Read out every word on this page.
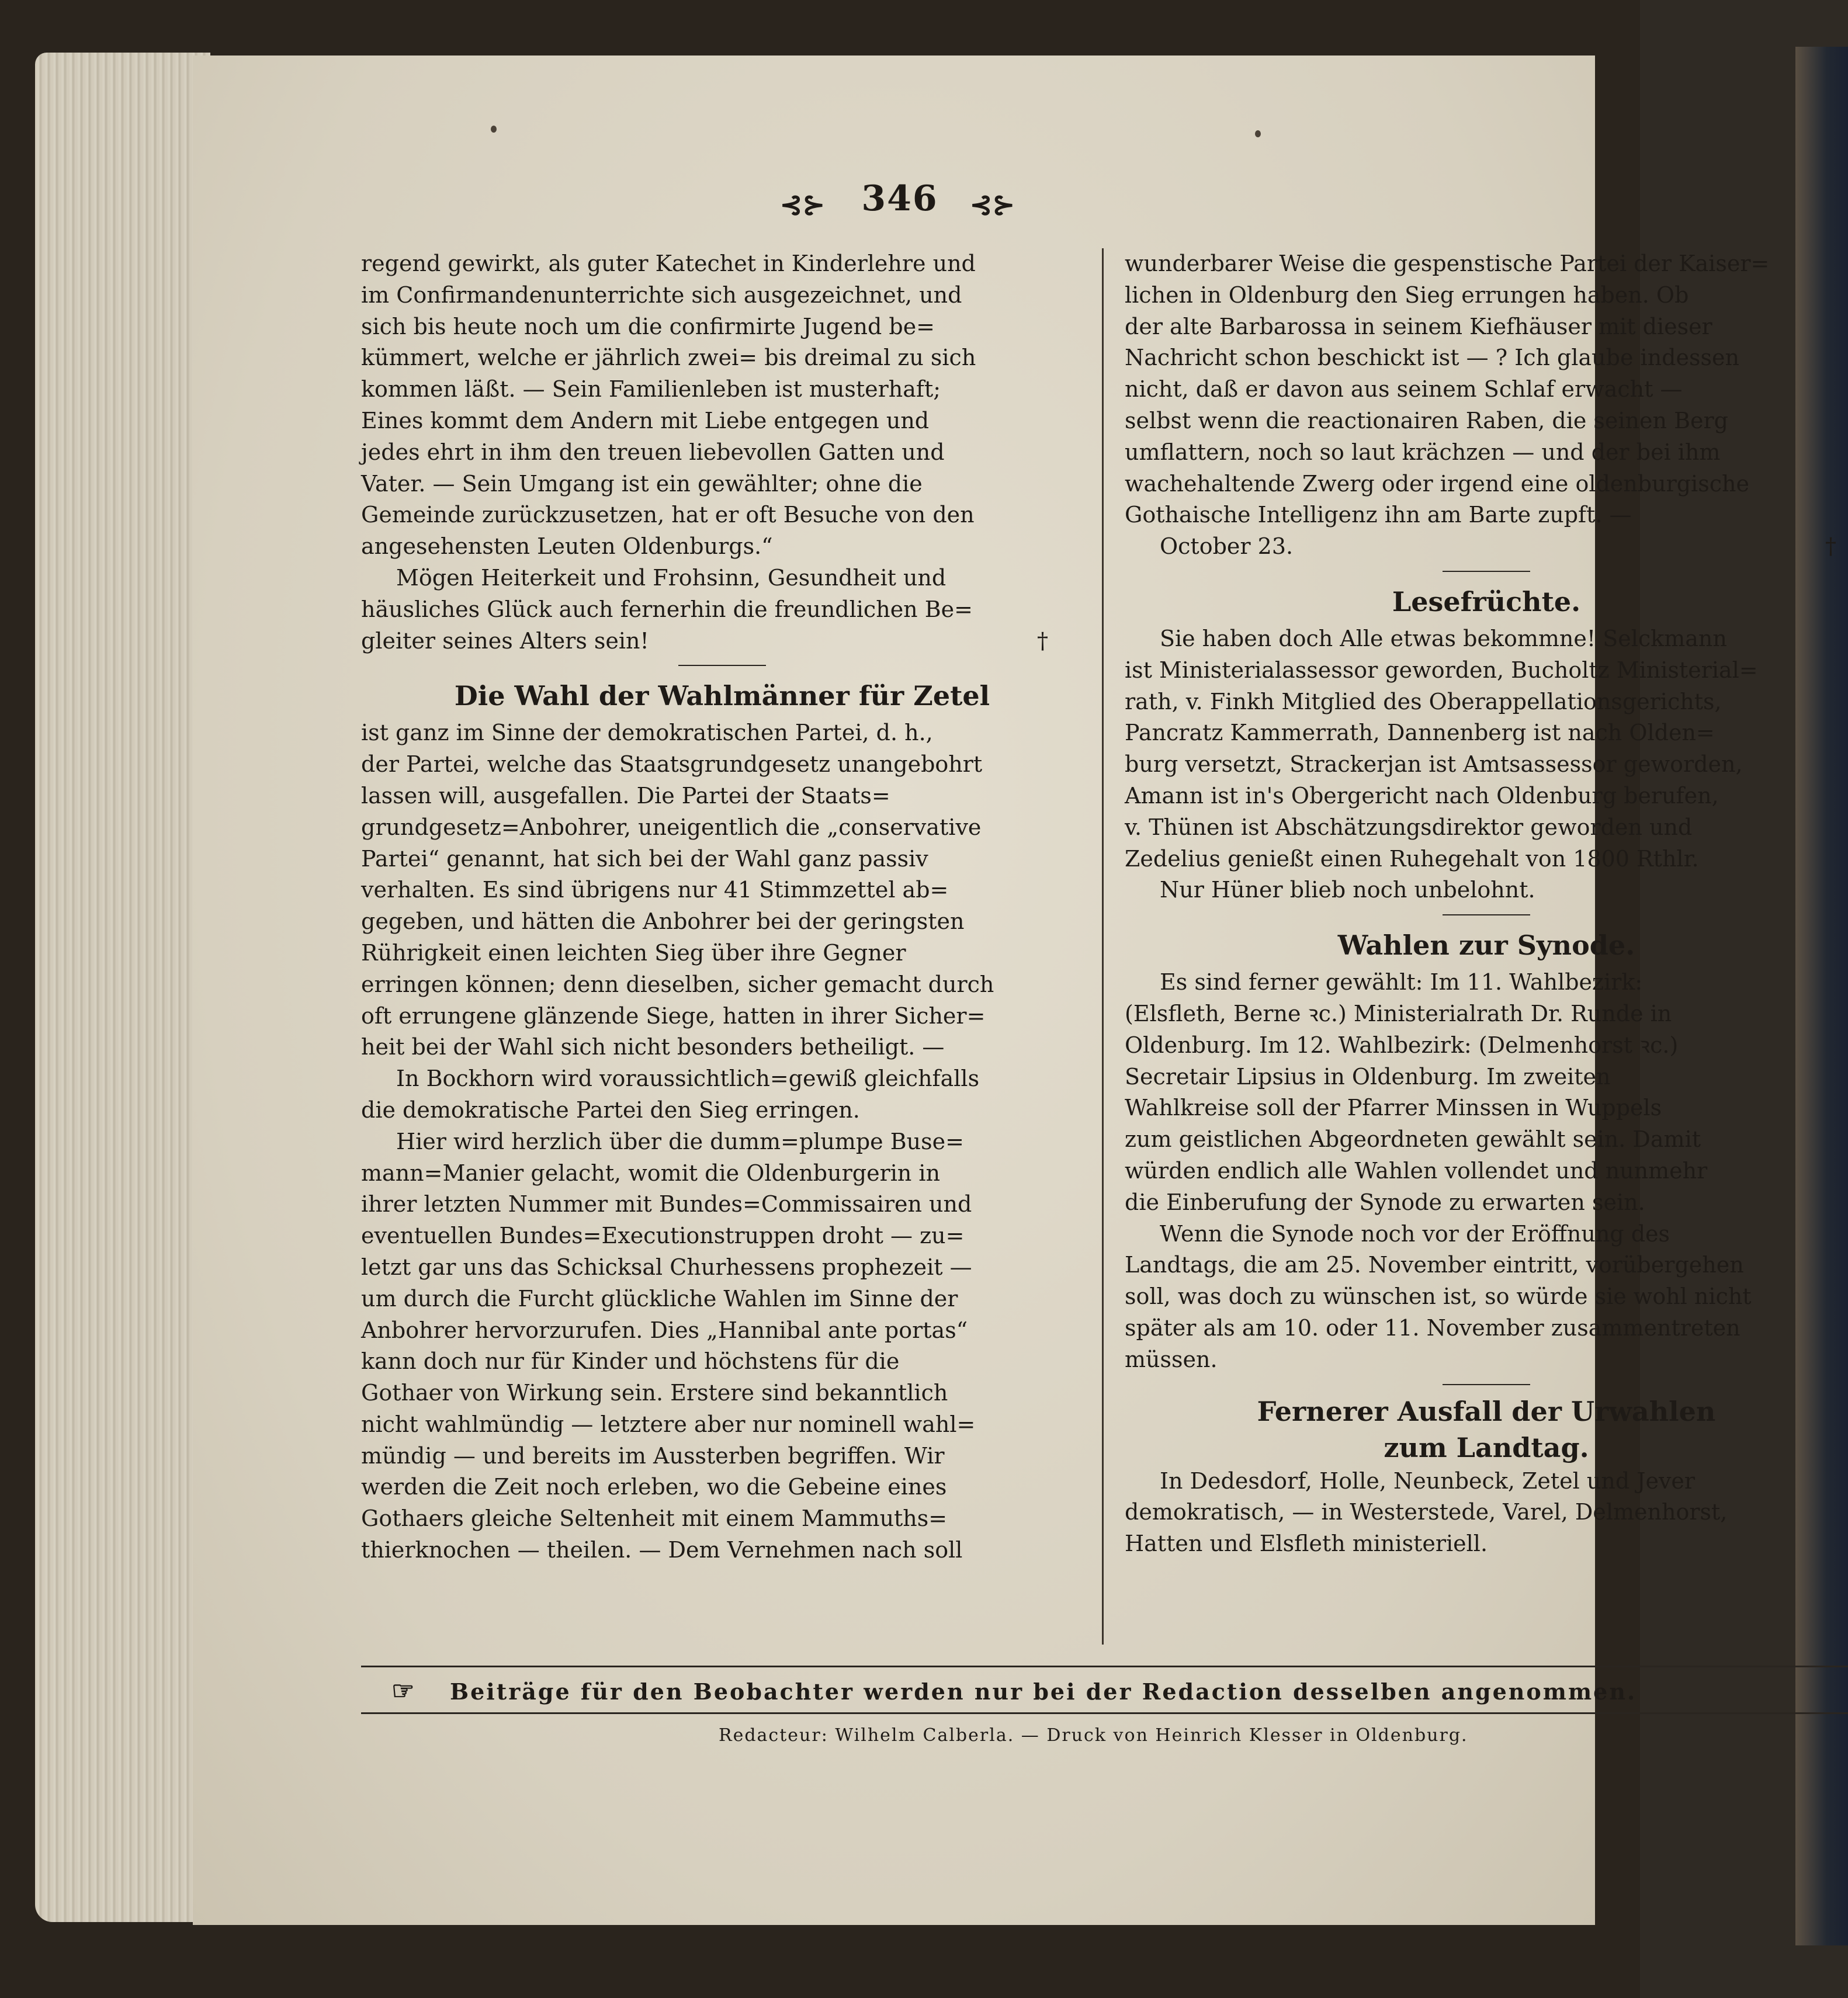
⊰⊱	346	⊰⊱
regend gewirkt, als guter Katechet in Kinderlehre und
im Confirmandenunterrichte sich ausgezeichnet, und
sich bis heute noch um die confirmirte Jugend be=
kümmert, welche er jährlich zwei= bis dreimal zu sich
kommen läßt. — Sein Familienleben ist musterhaft;
Eines kommt dem Andern mit Liebe entgegen und
jedes ehrt in ihm den treuen liebevollen Gatten und
Vater. — Sein Umgang ist ein gewählter; ohne die
Gemeinde zurückzusetzen, hat er oft Besuche von den
angesehensten Leuten Oldenburgs.“
Mögen Heiterkeit und Frohsinn, Gesundheit und
häusliches Glück auch fernerhin die freundlichen Be=
gleiter seines Alters sein!	†
Die Wahl der Wahlmänner für Zetel
ist ganz im Sinne der demokratischen Partei, d. h.,
der Partei, welche das Staatsgrundgesetz unangebohrt
lassen will, ausgefallen. Die Partei der Staats=
grundgesetz=Anbohrer, uneigentlich die „conservative
Partei“ genannt, hat sich bei der Wahl ganz passiv
verhalten. Es sind übrigens nur 41 Stimmzettel ab=
gegeben, und hätten die Anbohrer bei der geringsten
Rührigkeit einen leichten Sieg über ihre Gegner
erringen können; denn dieselben, sicher gemacht durch
oft errungene glänzende Siege, hatten in ihrer Sicher=
heit bei der Wahl sich nicht besonders betheiligt. —
In Bockhorn wird voraussichtlich=gewiß gleichfalls
die demokratische Partei den Sieg erringen.
Hier wird herzlich über die dumm=plumpe Buse=
mann=Manier gelacht, womit die Oldenburgerin in
ihrer letzten Nummer mit Bundes=Commissairen und
eventuellen Bundes=Executionstruppen droht — zu=
letzt gar uns das Schicksal Churhessens prophezeit —
um durch die Furcht glückliche Wahlen im Sinne der
Anbohrer hervorzurufen. Dies „Hannibal ante portas“
kann doch nur für Kinder und höchstens für die
Gothaer von Wirkung sein. Erstere sind bekanntlich
nicht wahlmündig — letztere aber nur nominell wahl=
mündig — und bereits im Aussterben begriffen. Wir
werden die Zeit noch erleben, wo die Gebeine eines
Gothaers gleiche Seltenheit mit einem Mammuths=
thierknochen — theilen. — Dem Vernehmen nach soll
wunderbarer Weise die gespenstische Partei der Kaiser=
lichen in Oldenburg den Sieg errungen haben. Ob
der alte Barbarossa in seinem Kiefhäuser mit dieser
Nachricht schon beschickt ist — ? Ich glaube indessen
nicht, daß er davon aus seinem Schlaf erwacht —
selbst wenn die reactionairen Raben, die seinen Berg
umflattern, noch so laut krächzen — und der bei ihm
wachehaltende Zwerg oder irgend eine oldenburgische
Gothaische Intelligenz ihn am Barte zupft. —
October 23.	†
Lesefrüchte.
Sie haben doch Alle etwas bekommne! Selckmann
ist Ministerialassessor geworden, Bucholtz Ministerial=
rath, v. Finkh Mitglied des Oberappellationsgerichts,
Pancratz Kammerrath, Dannenberg ist nach Olden=
burg versetzt, Strackerjan ist Amtsassessor geworden,
Amann ist in's Obergericht nach Oldenburg berufen,
v. Thünen ist Abschätzungsdirektor geworden und
Zedelius genießt einen Ruhegehalt von 1800 Rthlr.
Nur Hüner blieb noch unbelohnt.
Wahlen zur Synode.
Es sind ferner gewählt: Im 11. Wahlbezirk:
(Elsfleth, Berne ꝛc.) Ministerialrath Dr. Runde in
Oldenburg. Im 12. Wahlbezirk: (Delmenhorst ꝛc.)
Secretair Lipsius in Oldenburg. Im zweiten
Wahlkreise soll der Pfarrer Minssen in Wuppels
zum geistlichen Abgeordneten gewählt sein. Damit
würden endlich alle Wahlen vollendet und nunmehr
die Einberufung der Synode zu erwarten sein.
Wenn die Synode noch vor der Eröffnung des
Landtags, die am 25. November eintritt, vorübergehen
soll, was doch zu wünschen ist, so würde sie wohl nicht
später als am 10. oder 11. November zusammentreten
müssen.
Fernerer Ausfall der Urwahlen
zum Landtag.
In Dedesdorf, Holle, Neunbeck, Zetel und Jever
demokratisch, — in Westerstede, Varel, Delmenhorst,
Hatten und Elsfleth ministeriell.
☞ Beiträge für den Beobachter werden nur bei der Redaction desselben angenommen.
Redacteur: Wilhelm Calberla. — Druck von Heinrich Klesser in Oldenburg.
